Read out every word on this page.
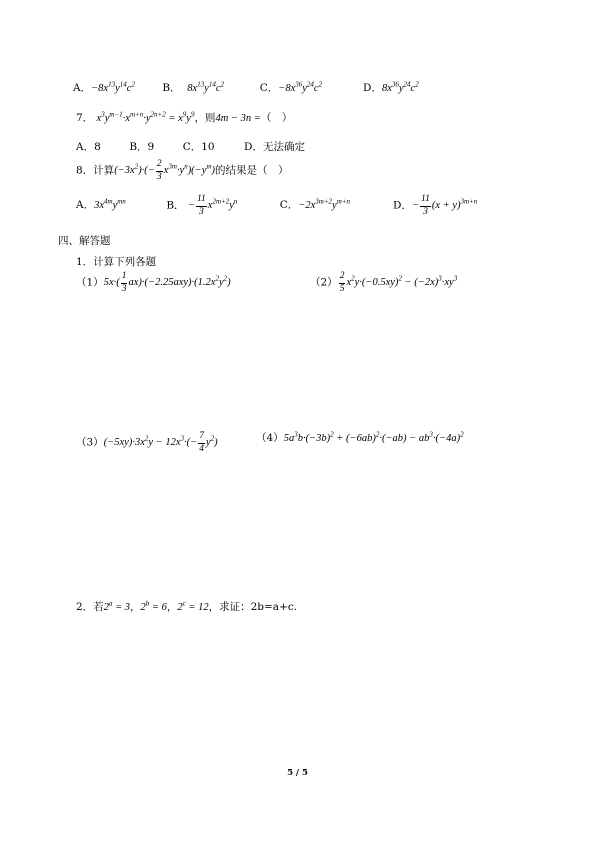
A．$-8x^{13}y^{14}c^2$	B． $8x^{13}y^{14}c^2$	C．$-8x^{36}y^{24}c^2$	D．$8x^{36}y^{24}c^2$
7． $x^3y^{m-1}\cdot x^{m+n}\cdot y^{2n+2} = x^9y^9$，则4m − 3n =（　）
A．8	B．9	C．10	D．无法确定
8．计算$(-3x^2)\cdot(- \frac{2}{3} x^{3m}\cdot y^n)(-y^m)$的结果是（　）
A．$3x^{4m}y^{mn}$	B． − $\frac{11}{3} x^{2m+2}y^n$	C．$-2x^{3m+2}y^{m+n}$	D．− $\frac{11}{3} (x + y)^{3m+n}$
四、解答题
1．计算下列各题
$(1)5x\cdot( \frac{1}{3} ax)\cdot(-2.25axy)\cdot(1.2x^2y^2)$	$(2) \frac{2}{5} x^2y\cdot(-0.5xy)^2 - (-2x)^3\cdot xy^3$
$(3)(-5xy)\cdot 3x^2y - 12x^3\cdot(- \frac{7}{4} y^2)$	$(4)5a^3b\cdot(-3b)^2 + (-6ab)^2\cdot(-ab) - ab^3\cdot(-4a)^2$
2．若$2^a = 3$，$2^b = 6$，$2^c = 12$，求证：2b=a+c.
5 / 5
